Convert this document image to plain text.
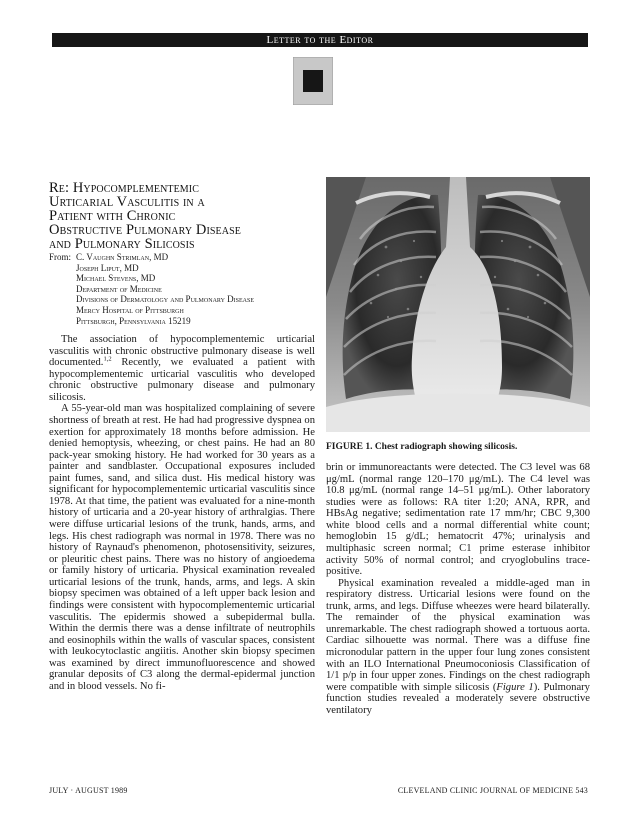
Letter to the Editor
Re: Hypocomplementemic
Urticarial Vasculitis in a
Patient with Chronic
Obstructive Pulmonary Disease
and Pulmonary Silicosis
From: C. Vaughn Strimlan, MD
Joseph Liput, MD
Michael Stevens, MD
Department of Medicine
Divisions of Dermatology and Pulmonary Disease
Mercy Hospital of Pittsburgh
Pittsburgh, Pennsylvania 15219

The association of hypocomplementemic urticarial vasculitis with chronic obstructive pulmonary disease is well documented.$^{1,2}$ Recently, we evaluated a patient with hypocomplementemic urticarial vasculitis who developed chronic obstructive pulmonary disease and pulmonary silicosis.

A 55-year-old man was hospitalized complaining of severe shortness of breath at rest. He had had progressive dyspnea on exertion for approximately 18 months before admission. He denied hemoptysis, wheezing, or chest pains. He had an 80 pack-year smoking history. He had worked for 30 years as a painter and sandblaster. Occupational exposures included paint fumes, sand, and silica dust. His medical history was significant for hypocomplementemic urticarial vasculitis since 1978. At that time, the patient was evaluated for a nine-month history of urticaria and a 20-year history of arthralgias. There were diffuse urticarial lesions of the trunk, hands, arms, and legs. His chest radiograph was normal in 1978. There was no history of Raynaud's phenomenon, photosensitivity, seizures, or pleuritic chest pains. There was no history of angioedema or family history of urticaria. Physical examination revealed urticarial lesions of the trunk, hands, arms, and legs. A skin biopsy specimen was obtained of a left upper back lesion and findings were consistent with hypocomplementemic urticarial vasculitis. The epidermis showed a subepidermal bulla. Within the dermis there was a dense infiltrate of neutrophils and eosinophils within the walls of vascular spaces, consistent with leukocytoclastic angiitis. Another skin biopsy specimen was examined by direct immunofluorescence and showed granular deposits of C3 along the dermal-epidermal junction and in blood vessels. No fi-

FIGURE 1. Chest radiograph showing silicosis.

brin or immunoreactants were detected. The C3 level was 68 μg/mL (normal range 120–170 μg/mL). The C4 level was 10.8 μg/mL (normal range 14–51 μg/mL). Other laboratory studies were as follows: RA titer 1:20; ANA, RPR, and HBsAg negative; sedimentation rate 17 mm/hr; CBC 9,300 white blood cells and a normal differential white count; hemoglobin 15 g/dL; hematocrit 47%; urinalysis and multiphasic screen normal; C1 prime esterase inhibitor activity 50% of normal control; and cryoglobulins trace-positive.

Physical examination revealed a middle-aged man in respiratory distress. Urticarial lesions were found on the trunk, arms, and legs. Diffuse wheezes were heard bilaterally. The remainder of the physical examination was unremarkable. The chest radiograph showed a tortuous aorta. Cardiac silhouette was normal. There was a diffuse fine micronodular pattern in the upper four lung zones consistent with an ILO International Pneumoconiosis Classification of 1/1 p/p in four upper zones. Findings on the chest radiograph were compatible with simple silicosis (Figure 1). Pulmonary function studies revealed a moderately severe obstructive ventilatory

JULY · AUGUST 1989	CLEVELAND CLINIC JOURNAL OF MEDICINE 543
